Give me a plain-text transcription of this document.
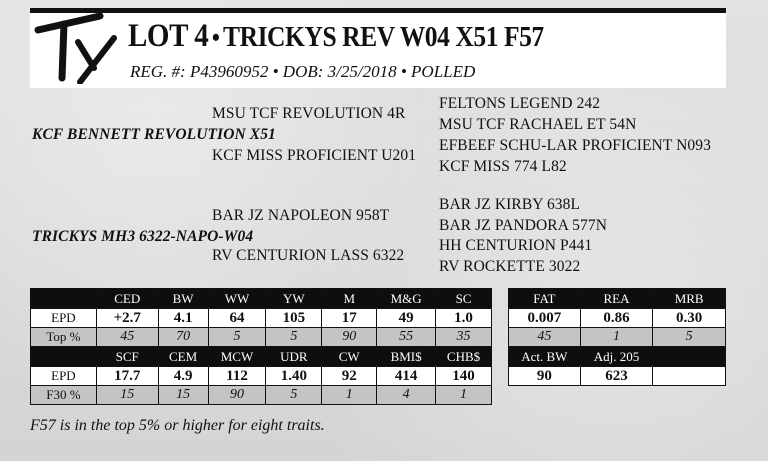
LOT 4 • TRICKYS REV W04 X51 F57
REG. #: P43960952 • DOB: 3/25/2018 • POLLED
MSU TCF REVOLUTION 4R
KCF BENNETT REVOLUTION X51
KCF MISS PROFICIENT U201
FELTONS LEGEND 242
MSU TCF RACHAEL ET 54N
EFBEEF SCHU-LAR PROFICIENT N093
KCF MISS 774 L82
BAR JZ NAPOLEON 958T
TRICKYS MH3 6322-NAPO-W04
RV CENTURION LASS 6322
BAR JZ KIRBY 638L
BAR JZ PANDORA 577N
HH CENTURION P441
RV ROCKETTE 3022
	CED	BW	WW	YW	M	M&G	SC
EPD	+2.7	4.1	64	105	17	49	1.0
Top %	45	70	5	5	90	55	35
	SCF	CEM	MCW	UDR	CW	BMI$	CHB$
EPD	17.7	4.9	112	1.40	92	414	140
F30 %	15	15	90	5	1	4	1
FAT	REA	MRB
0.007	0.86	0.30
45	1	5
Act. BW	Adj. 205	
90	623	
F57 is in the top 5% or higher for eight traits.
